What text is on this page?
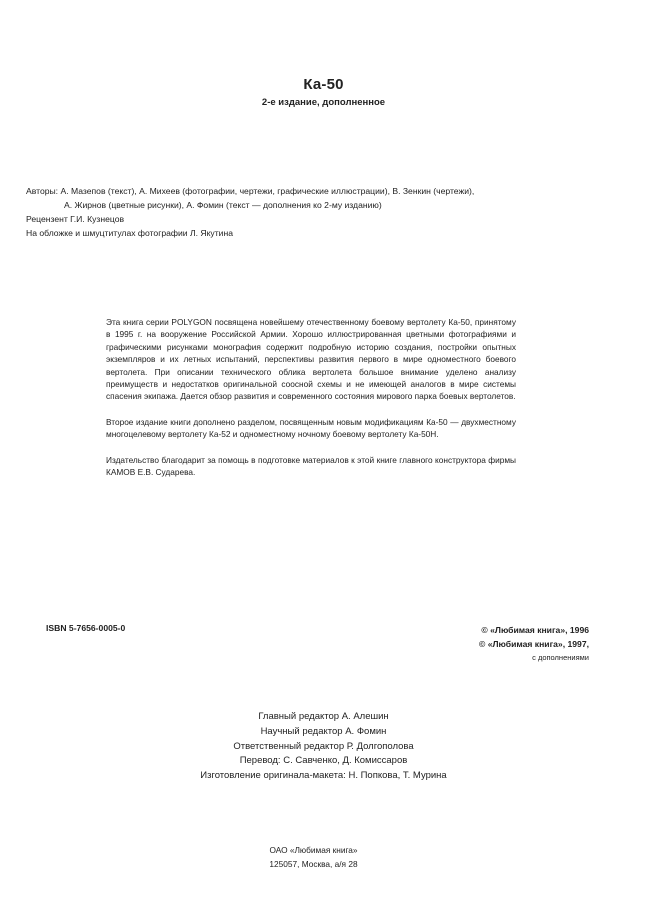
Ка-50
2-е издание, дополненное
Авторы: А. Мазепов (текст), А. Михеев (фотографии, чертежи, графические иллюстрации), В. Зенкин (чертежи),
А. Жирнов (цветные рисунки), А. Фомин (текст — дополнения ко 2-му изданию)
Рецензент Г.И. Кузнецов
На обложке и шмуцтитулах фотографии Л. Якутина

Эта книга серии POLYGON посвящена новейшему отечественному боевому вертолету Ка-50, принятому в 1995 г. на вооружение Российской Армии. Хорошо иллюстрированная цветными фотографиями и графическими рисунками монография содержит подробную историю создания, постройки опытных экземпляров и их летных испытаний, перспективы развития первого в мире одноместного боевого вертолета. При описании технического облика вертолета большое внимание уделено анализу преимуществ и недостатков оригинальной соосной схемы и не имеющей аналогов в мире системы спасения экипажа. Дается обзор развития и современного состояния мирового парка боевых вертолетов.

Второе издание книги дополнено разделом, посвященным новым модификациям Ка-50 — двухместному многоцелевому вертолету Ка-52 и одноместному ночному боевому вертолету Ка-50Н.

Издательство благодарит за помощь в подготовке материалов к этой книге главного конструктора фирмы КАМОВ Е.В. Сударева.

ISBN 5-7656-0005-0	© «Любимая книга», 1996
© «Любимая книга», 1997,
с дополнениями
Главный редактор А. Алешин
Научный редактор А. Фомин
Ответственный редактор Р. Долгополова
Перевод: С. Савченко, Д. Комиссаров
Изготовление оригинала-макета: Н. Попкова, Т. Мурина
ОАО «Любимая книга»
125057, Москва, а/я 28
